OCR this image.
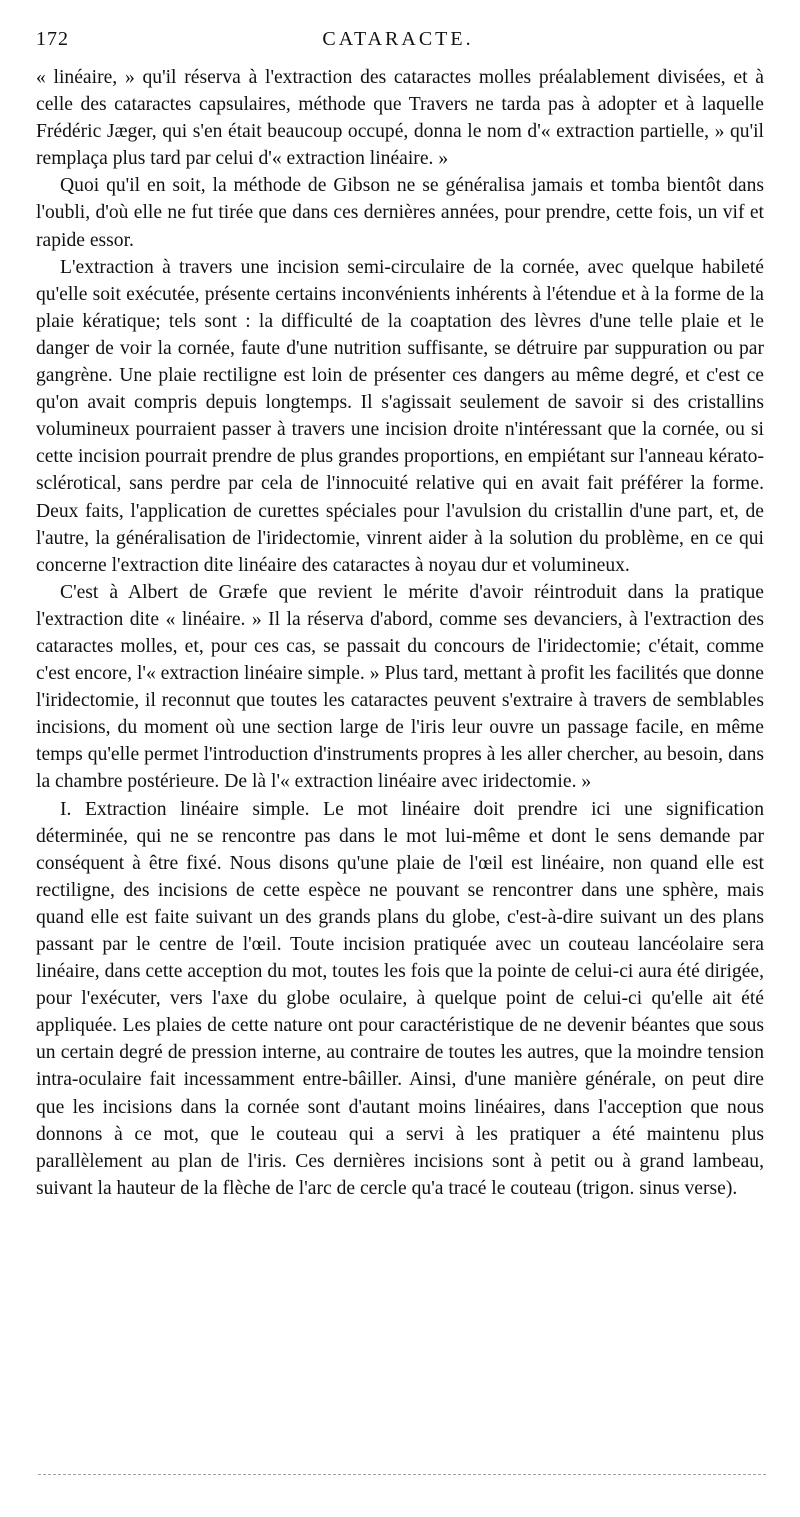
172	CATARACTE.

« linéaire, » qu'il réserva à l'extraction des cataractes molles préalablement divisées, et à celle des cataractes capsulaires, méthode que Travers ne tarda pas à adopter et à laquelle Frédéric Jæger, qui s'en était beaucoup occupé, donna le nom d'« extraction partielle, » qu'il remplaça plus tard par celui d'« extraction linéaire. »

Quoi qu'il en soit, la méthode de Gibson ne se généralisa jamais et tomba bientôt dans l'oubli, d'où elle ne fut tirée que dans ces dernières années, pour prendre, cette fois, un vif et rapide essor.

L'extraction à travers une incision semi-circulaire de la cornée, avec quelque habileté qu'elle soit exécutée, présente certains inconvénients inhérents à l'étendue et à la forme de la plaie kératique; tels sont : la difficulté de la coaptation des lèvres d'une telle plaie et le danger de voir la cornée, faute d'une nutrition suffisante, se détruire par suppuration ou par gangrène. Une plaie rectiligne est loin de présenter ces dangers au même degré, et c'est ce qu'on avait compris depuis longtemps. Il s'agissait seulement de savoir si des cristallins volumineux pourraient passer à travers une incision droite n'intéressant que la cornée, ou si cette incision pourrait prendre de plus grandes proportions, en empiétant sur l'anneau kérato-sclérotical, sans perdre par cela de l'innocuité relative qui en avait fait préférer la forme. Deux faits, l'application de curettes spéciales pour l'avulsion du cristallin d'une part, et, de l'autre, la généralisation de l'iridectomie, vinrent aider à la solution du problème, en ce qui concerne l'extraction dite linéaire des cataractes à noyau dur et volumineux.

C'est à Albert de Græfe que revient le mérite d'avoir réintroduit dans la pratique l'extraction dite « linéaire. » Il la réserva d'abord, comme ses devanciers, à l'extraction des cataractes molles, et, pour ces cas, se passait du concours de l'iridectomie; c'était, comme c'est encore, l'« extraction linéaire simple. » Plus tard, mettant à profit les facilités que donne l'iridectomie, il reconnut que toutes les cataractes peuvent s'extraire à travers de semblables incisions, du moment où une section large de l'iris leur ouvre un passage facile, en même temps qu'elle permet l'introduction d'instruments propres à les aller chercher, au besoin, dans la chambre postérieure. De là l'« extraction linéaire avec iridectomie. »

I. Extraction linéaire simple. Le mot linéaire doit prendre ici une signification déterminée, qui ne se rencontre pas dans le mot lui-même et dont le sens demande par conséquent à être fixé. Nous disons qu'une plaie de l'œil est linéaire, non quand elle est rectiligne, des incisions de cette espèce ne pouvant se rencontrer dans une sphère, mais quand elle est faite suivant un des grands plans du globe, c'est-à-dire suivant un des plans passant par le centre de l'œil. Toute incision pratiquée avec un couteau lancéolaire sera linéaire, dans cette acception du mot, toutes les fois que la pointe de celui-ci aura été dirigée, pour l'exécuter, vers l'axe du globe oculaire, à quelque point de celui-ci qu'elle ait été appliquée. Les plaies de cette nature ont pour caractéristique de ne devenir béantes que sous un certain degré de pression interne, au contraire de toutes les autres, que la moindre tension intra-oculaire fait incessamment entre-bâiller. Ainsi, d'une manière générale, on peut dire que les incisions dans la cornée sont d'autant moins linéaires, dans l'acception que nous donnons à ce mot, que le couteau qui a servi à les pratiquer a été maintenu plus parallèlement au plan de l'iris. Ces dernières incisions sont à petit ou à grand lambeau, suivant la hauteur de la flèche de l'arc de cercle qu'a tracé le couteau (trigon. sinus verse).
